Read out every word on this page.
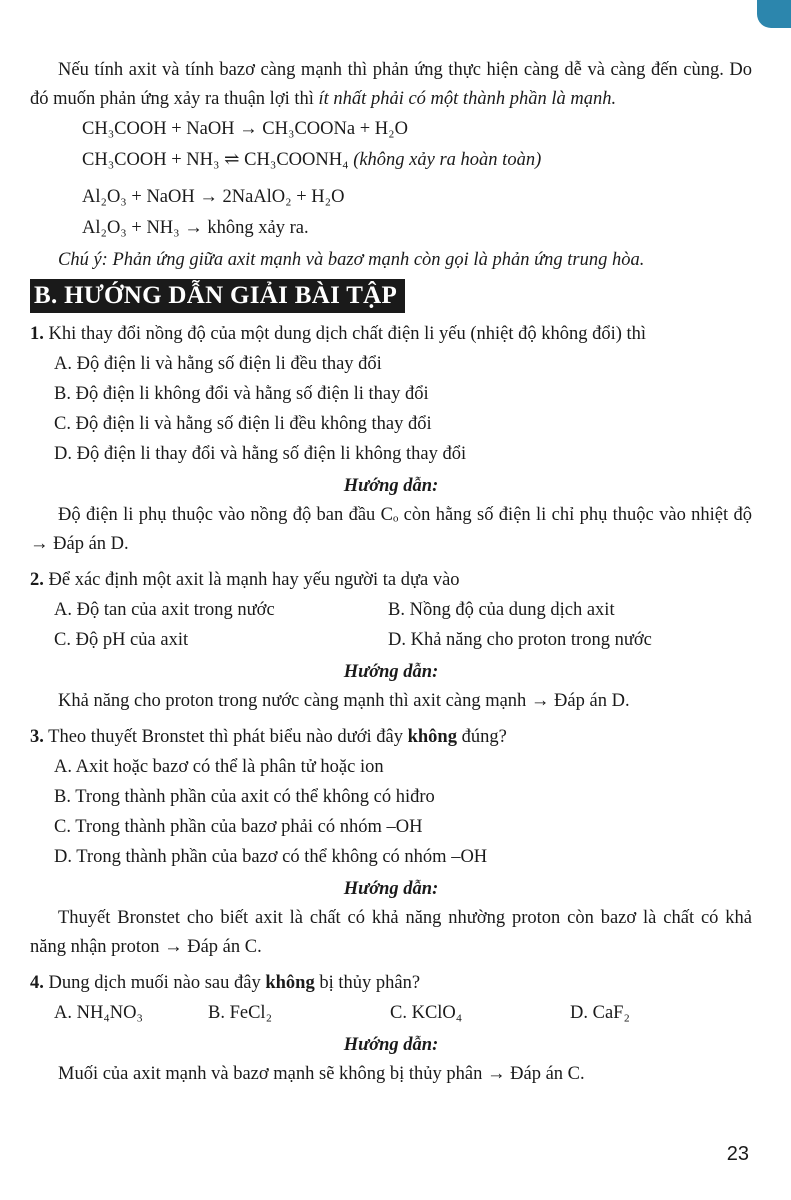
Nếu tính axit và tính bazơ càng mạnh thì phản ứng thực hiện càng dễ và càng đến cùng. Do đó muốn phản ứng xảy ra thuận lợi thì ít nhất phải có một thành phần là mạnh.

CH₃COOH + NaOH → CH₃COONa + H₂O

CH₃COOH + NH₃ ⇌ CH₃COONH₄ (không xảy ra hoàn toàn)

Al₂O₃ + NaOH → 2NaAlO₂ + H₂O

Al₂O₃ + NH₃ → không xảy ra.

Chú ý: Phản ứng giữa axit mạnh và bazơ mạnh còn gọi là phản ứng trung hòa.

B. HƯỚNG DẪN GIẢI BÀI TẬP

1. Khi thay đổi nồng độ của một dung dịch chất điện li yếu (nhiệt độ không đổi) thì

A. Độ điện li và hằng số điện li đều thay đổi

B. Độ điện li không đổi và hằng số điện li thay đổi

C. Độ điện li và hằng số điện li đều không thay đổi

D. Độ điện li thay đổi và hằng số điện li không thay đổi

Hướng dẫn:

Độ điện li phụ thuộc vào nồng độ ban đầu Cₒ còn hằng số điện li chỉ phụ thuộc vào nhiệt độ → Đáp án D.

2. Để xác định một axit là mạnh hay yếu người ta dựa vào

A. Độ tan của axit trong nước	B. Nồng độ của dung dịch axit
C. Độ pH của axit	D. Khả năng cho proton trong nước

Hướng dẫn:

Khả năng cho proton trong nước càng mạnh thì axit càng mạnh → Đáp án D.

3. Theo thuyết Bronstet thì phát biểu nào dưới đây không đúng?

A. Axit hoặc bazơ có thể là phân tử hoặc ion

B. Trong thành phần của axit có thể không có hiđro

C. Trong thành phần của bazơ phải có nhóm –OH

D. Trong thành phần của bazơ có thể không có nhóm –OH

Hướng dẫn:

Thuyết Bronstet cho biết axit là chất có khả năng nhường proton còn bazơ là chất có khả năng nhận proton → Đáp án C.

4. Dung dịch muối nào sau đây không bị thủy phân?

A. NH₄NO₃	B. FeCl₂	C. KClO₄	D. CaF₂

Hướng dẫn:

Muối của axit mạnh và bazơ mạnh sẽ không bị thủy phân → Đáp án C.

23
